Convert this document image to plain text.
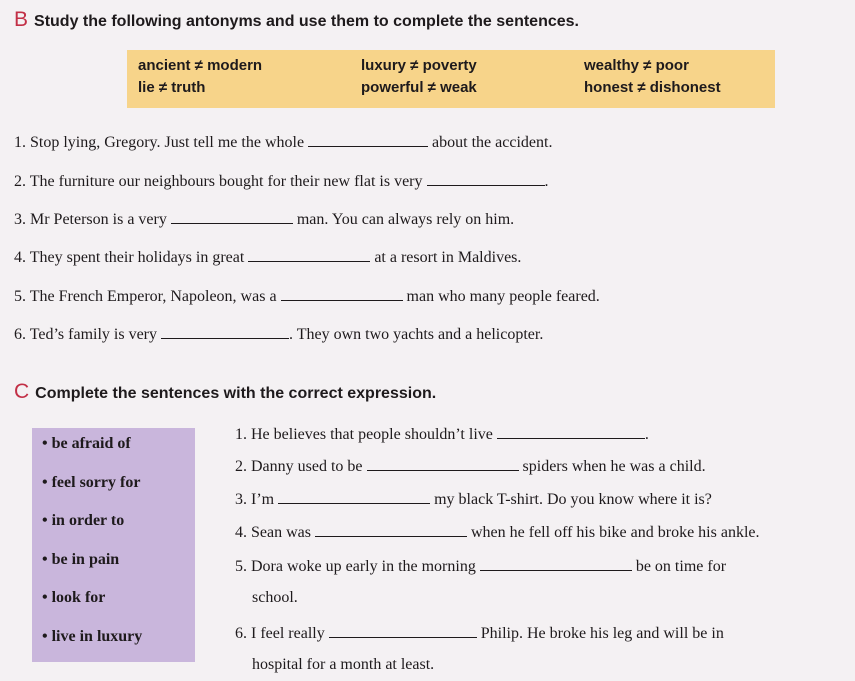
B Study the following antonyms and use them to complete the sentences.
ancient ≠ modern	luxury ≠ poverty	wealthy ≠ poor
lie ≠ truth	powerful ≠ weak	honest ≠ dishonest
1. Stop lying, Gregory. Just tell me the whole	about the accident.
2. The furniture our neighbours bought for their new flat is very	.
3. Mr Peterson is a very	man. You can always rely on him.
4. They spent their holidays in great	at a resort in Maldives.
5. The French Emperor, Napoleon, was a	man who many people feared.
6. Ted’s family is very	. They own two yachts and a helicopter.
C Complete the sentences with the correct expression.
• be afraid of
• feel sorry for
• in order to
• be in pain
• look for
• live in luxury
1. He believes that people shouldn’t live	.
2. Danny used to be	spiders when he was a child.
3. I’m	my black T-shirt. Do you know where it is?
4. Sean was	when he fell off his bike and broke his ankle.
5. Dora woke up early in the morning	be on time for
school.
6. I feel really	Philip. He broke his leg and will be in
hospital for a month at least.
